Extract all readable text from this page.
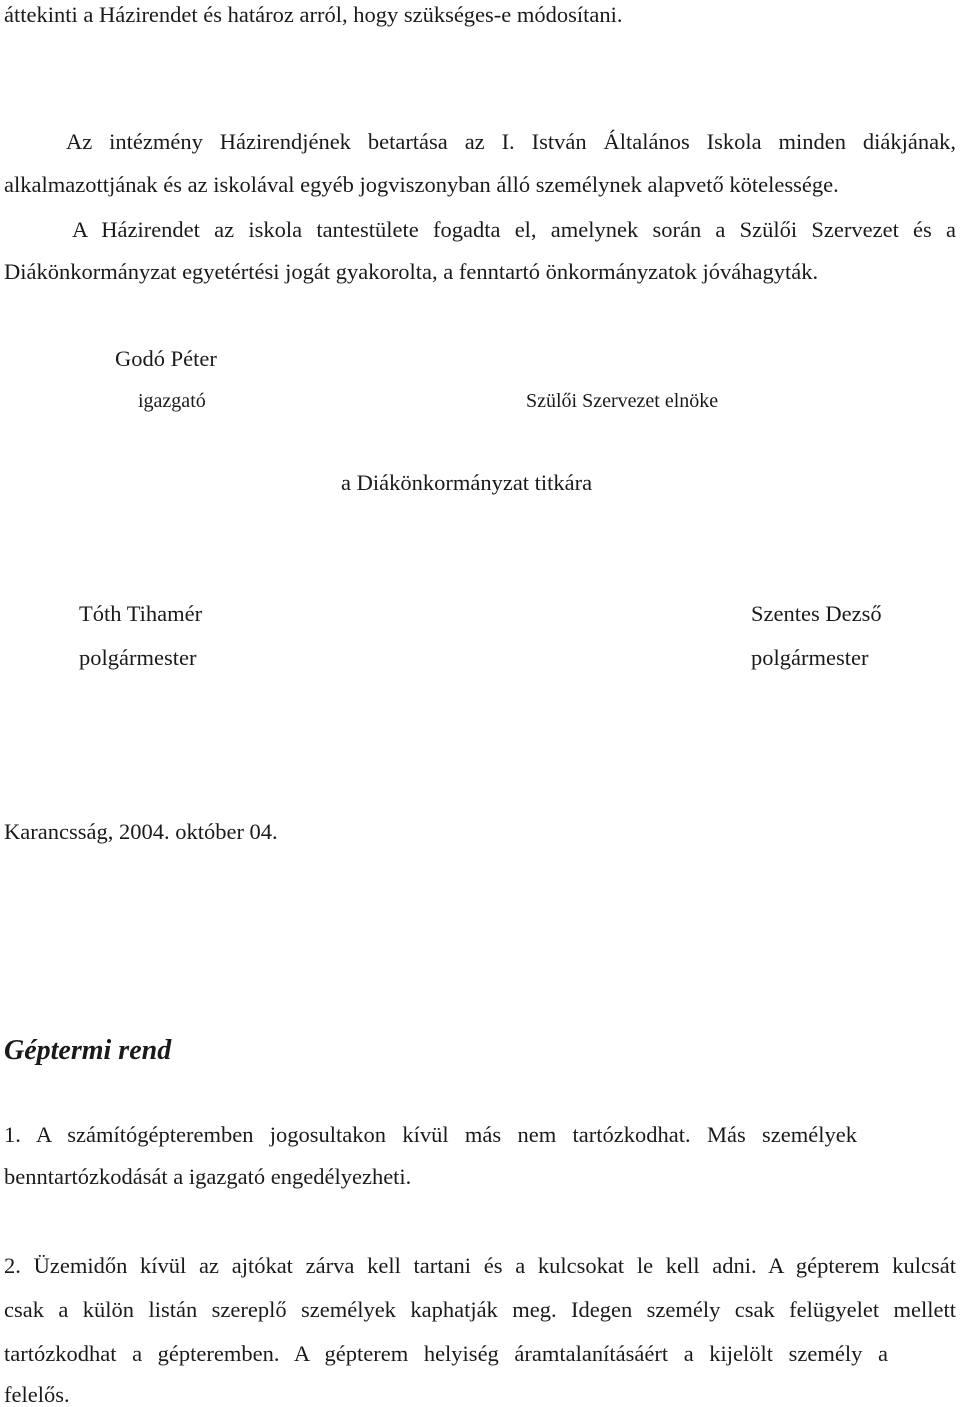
áttekinti a Házirendet és határoz arról, hogy szükséges-e módosítani.
Az intézmény Házirendjének betartása az I. István Általános Iskola minden diákjának,
alkalmazottjának és az iskolával egyéb jogviszonyban álló személynek alapvető kötelessége.
A Házirendet az iskola tantestülete fogadta el, amelynek során a Szülői Szervezet és a
Diákönkormányzat egyetértési jogát gyakorolta, a fenntartó önkormányzatok jóváhagyták.
Godó Péter
igazgató	Szülői Szervezet elnöke
a Diákönkormányzat titkára
Tóth Tihamér
polgármester
Szentes Dezső
polgármester
Karancsság, 2004. október 04.
Géptermi rend
1. A számítógépteremben jogosultakon kívül más nem tartózkodhat. Más személyek
benntartózkodását a igazgató engedélyezheti.
2. Üzemidőn kívül az ajtókat zárva kell tartani és a kulcsokat le kell adni. A gépterem kulcsát
csak a külön listán szereplő személyek kaphatják meg. Idegen személy csak felügyelet mellett
tartózkodhat a gépteremben. A gépterem helyiség áramtalanításáért a kijelölt személy a
felelős.
